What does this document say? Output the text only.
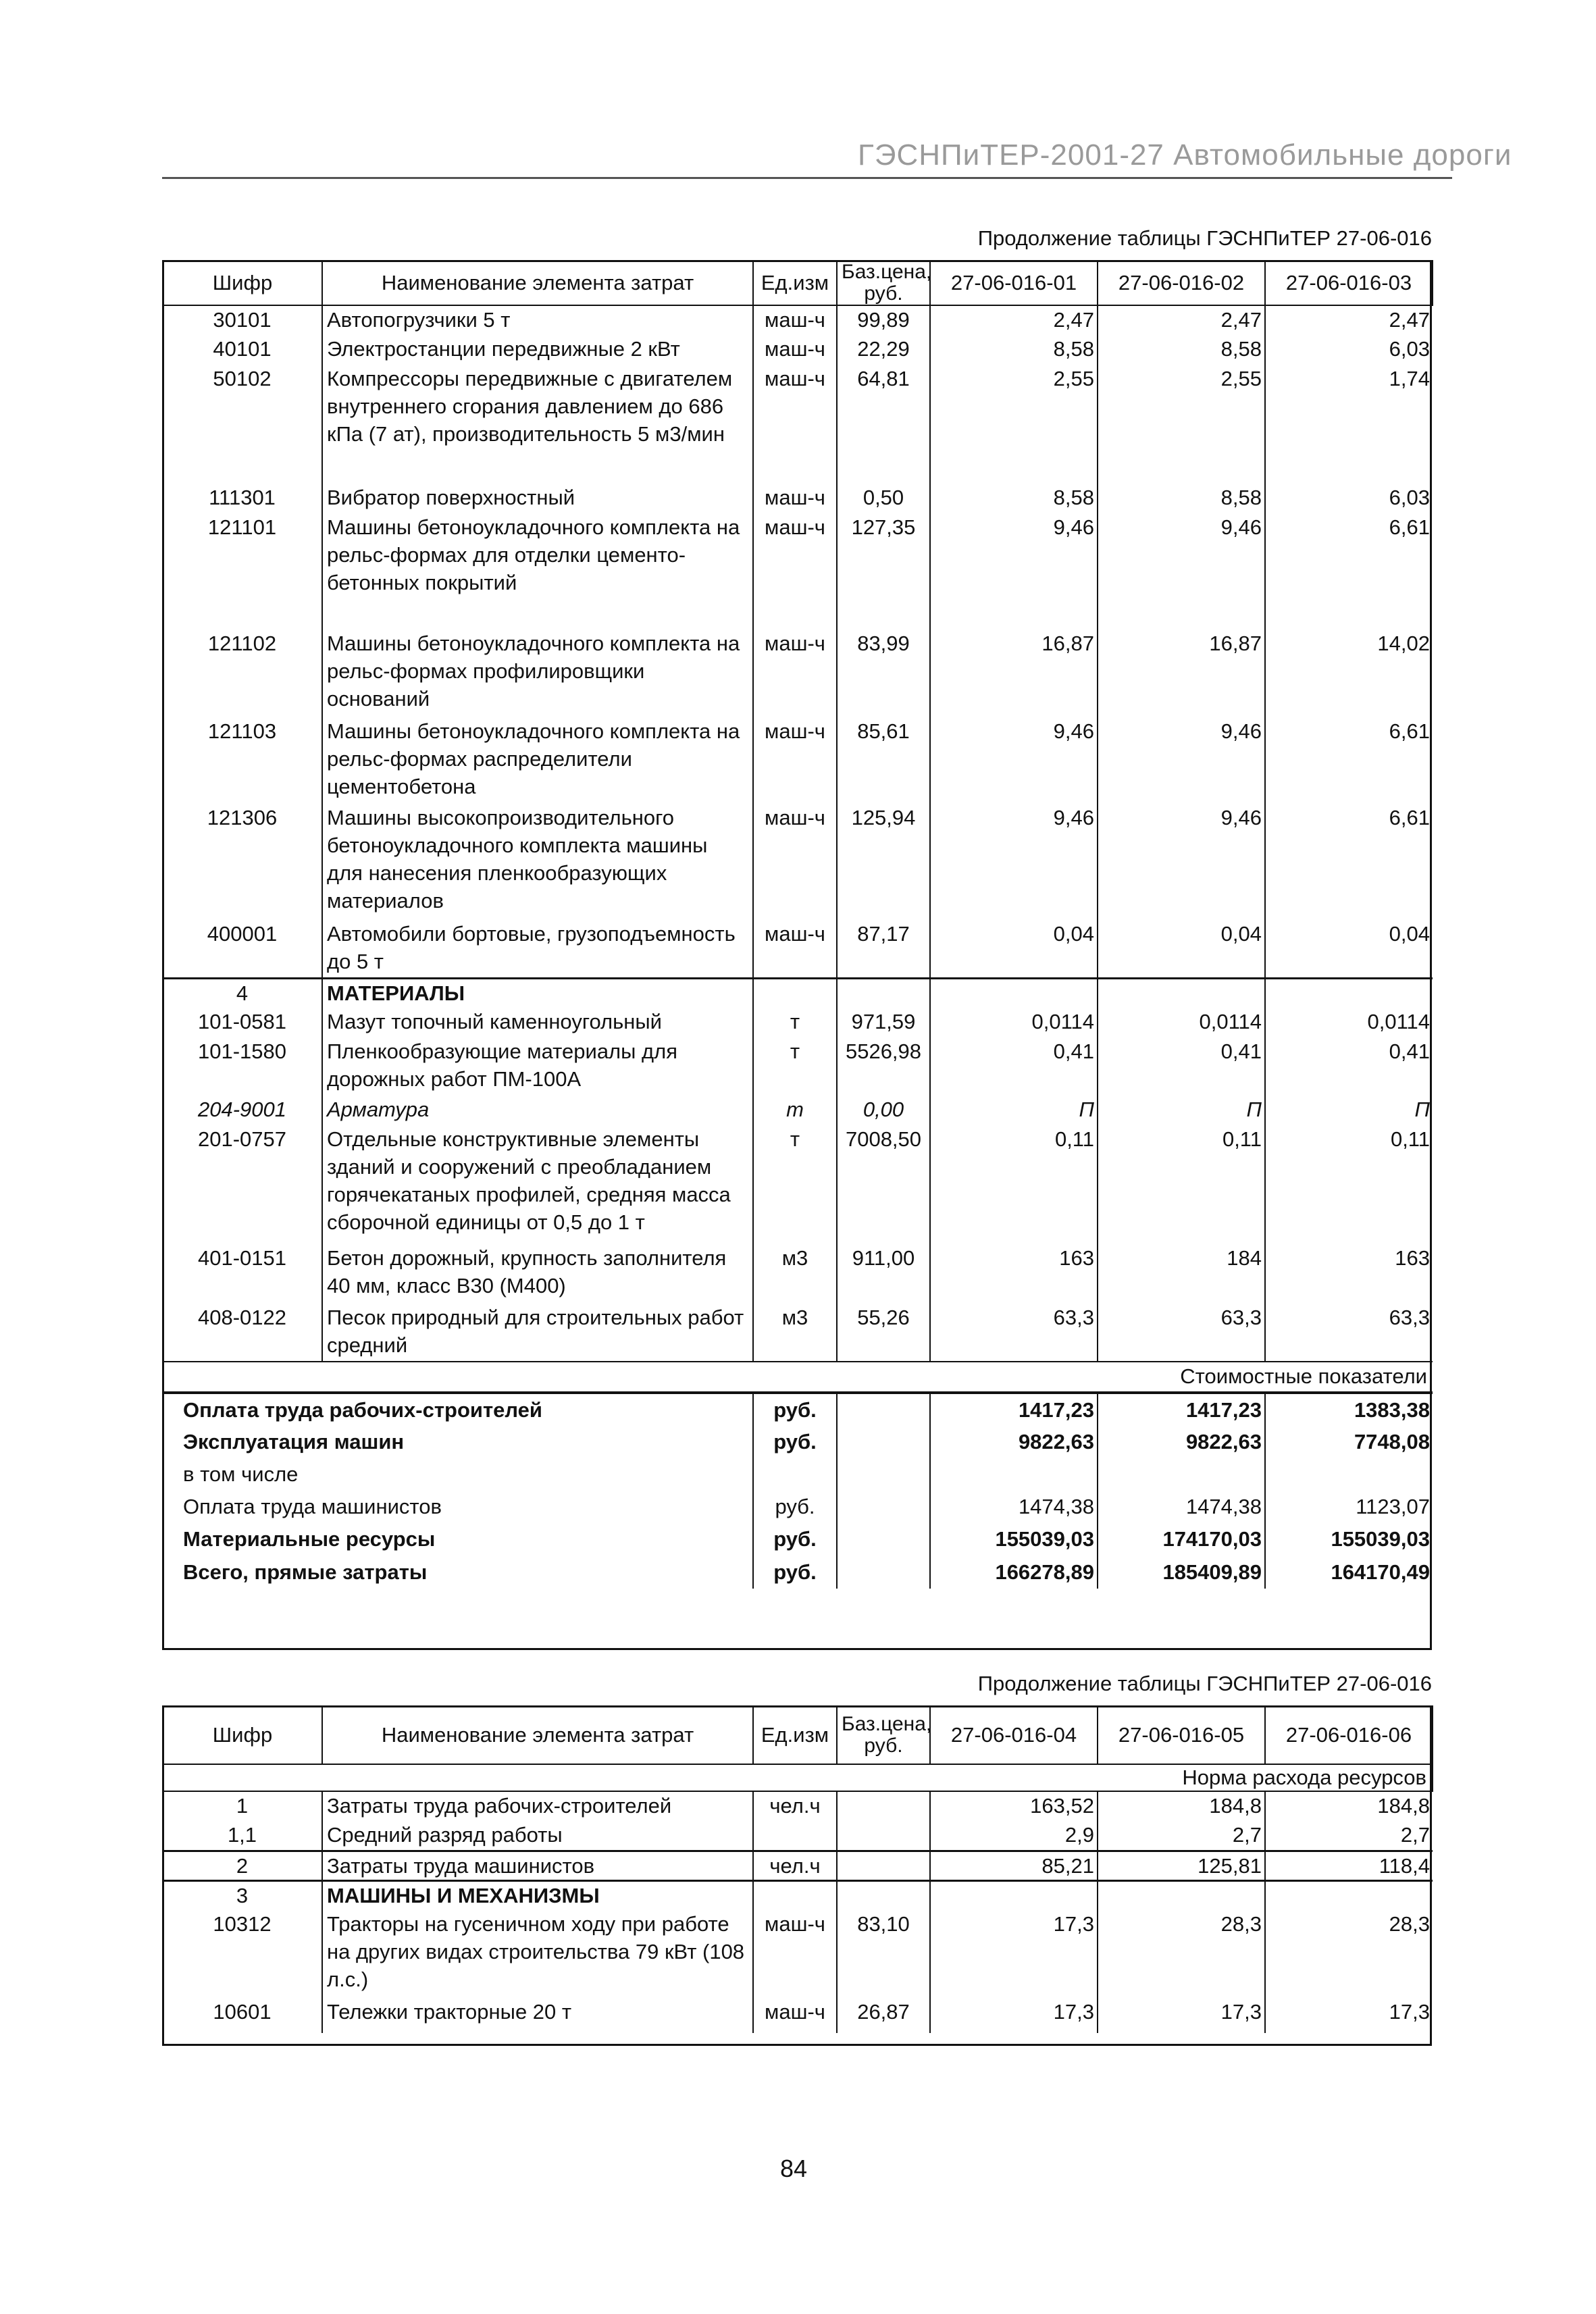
ГЭСНПиТЕР-2001-27 Автомобильные дороги
Продолжение таблицы ГЭСНПиТЕР 27-06-016
Шифр	Наименование элемента затрат	Ед.изм	Баз.цена, руб.	27-06-016-01	27-06-016-02	27-06-016-03
30101	Автопогрузчики 5 т	маш-ч	99,89	2,47	2,47	2,47
40101	Электростанции передвижные 2 кВт	маш-ч	22,29	8,58	8,58	6,03
50102	Компрессоры передвижные с двигателем внутреннего сгорания давлением до 686 кПа (7 ат), производительность 5 м3/мин	маш-ч	64,81	2,55	2,55	1,74
111301	Вибратор поверхностный	маш-ч	0,50	8,58	8,58	6,03
121101	Машины бетоноукладочного комплекта на рельс-формах для отделки цементо-бетонных покрытий	маш-ч	127,35	9,46	9,46	6,61
121102	Машины бетоноукладочного комплекта на рельс-формах профилировщики оснований	маш-ч	83,99	16,87	16,87	14,02
121103	Машины бетоноукладочного комплекта на рельс-формах распределители цементобетона	маш-ч	85,61	9,46	9,46	6,61
121306	Машины высокопроизводительного бетоноукладочного комплекта машины для нанесения пленкообразующих материалов	маш-ч	125,94	9,46	9,46	6,61
400001	Автомобили бортовые, грузоподъемность до 5 т	маш-ч	87,17	0,04	0,04	0,04
4	МАТЕРИАЛЫ					
101-0581	Мазут топочный каменноугольный	т	971,59	0,0114	0,0114	0,0114
101-1580	Пленкообразующие материалы для дорожных работ ПМ-100А	т	5526,98	0,41	0,41	0,41
204-9001	Арматура	т	0,00	П	П	П
201-0757	Отдельные конструктивные элементы зданий и сооружений с преобладанием горячекатаных профилей, средняя масса сборочной единицы от 0,5 до 1 т	т	7008,50	0,11	0,11	0,11
401-0151	Бетон дорожный, крупность заполнителя 40 мм, класс В30 (М400)	м3	911,00	163	184	163
408-0122	Песок природный для строительных работ средний	м3	55,26	63,3	63,3	63,3
Стоимостные показатели						
Оплата труда рабочих-строителей		руб.		1417,23	1417,23	1383,38
Эксплуатация машин		руб.		9822,63	9822,63	7748,08
в том числе						
Оплата труда машинистов		руб.		1474,38	1474,38	1123,07
Материальные ресурсы		руб.		155039,03	174170,03	155039,03
Всего, прямые затраты		руб.		166278,89	185409,89	164170,49
Продолжение таблицы ГЭСНПиТЕР 27-06-016
Шифр	Наименование элемента затрат	Ед.изм	Баз.цена, руб.	27-06-016-04	27-06-016-05	27-06-016-06
Норма расхода ресурсов						
1	Затраты труда рабочих-строителей	чел.ч		163,52	184,8	184,8
1,1	Средний разряд работы			2,9	2,7	2,7
2	Затраты труда машинистов	чел.ч		85,21	125,81	118,4
3	МАШИНЫ И МЕХАНИЗМЫ					
10312	Тракторы на гусеничном ходу при работе на других видах строительства 79 кВт (108 л.с.)	маш-ч	83,10	17,3	28,3	28,3
10601	Тележки тракторные 20 т	маш-ч	26,87	17,3	17,3	17,3
84
